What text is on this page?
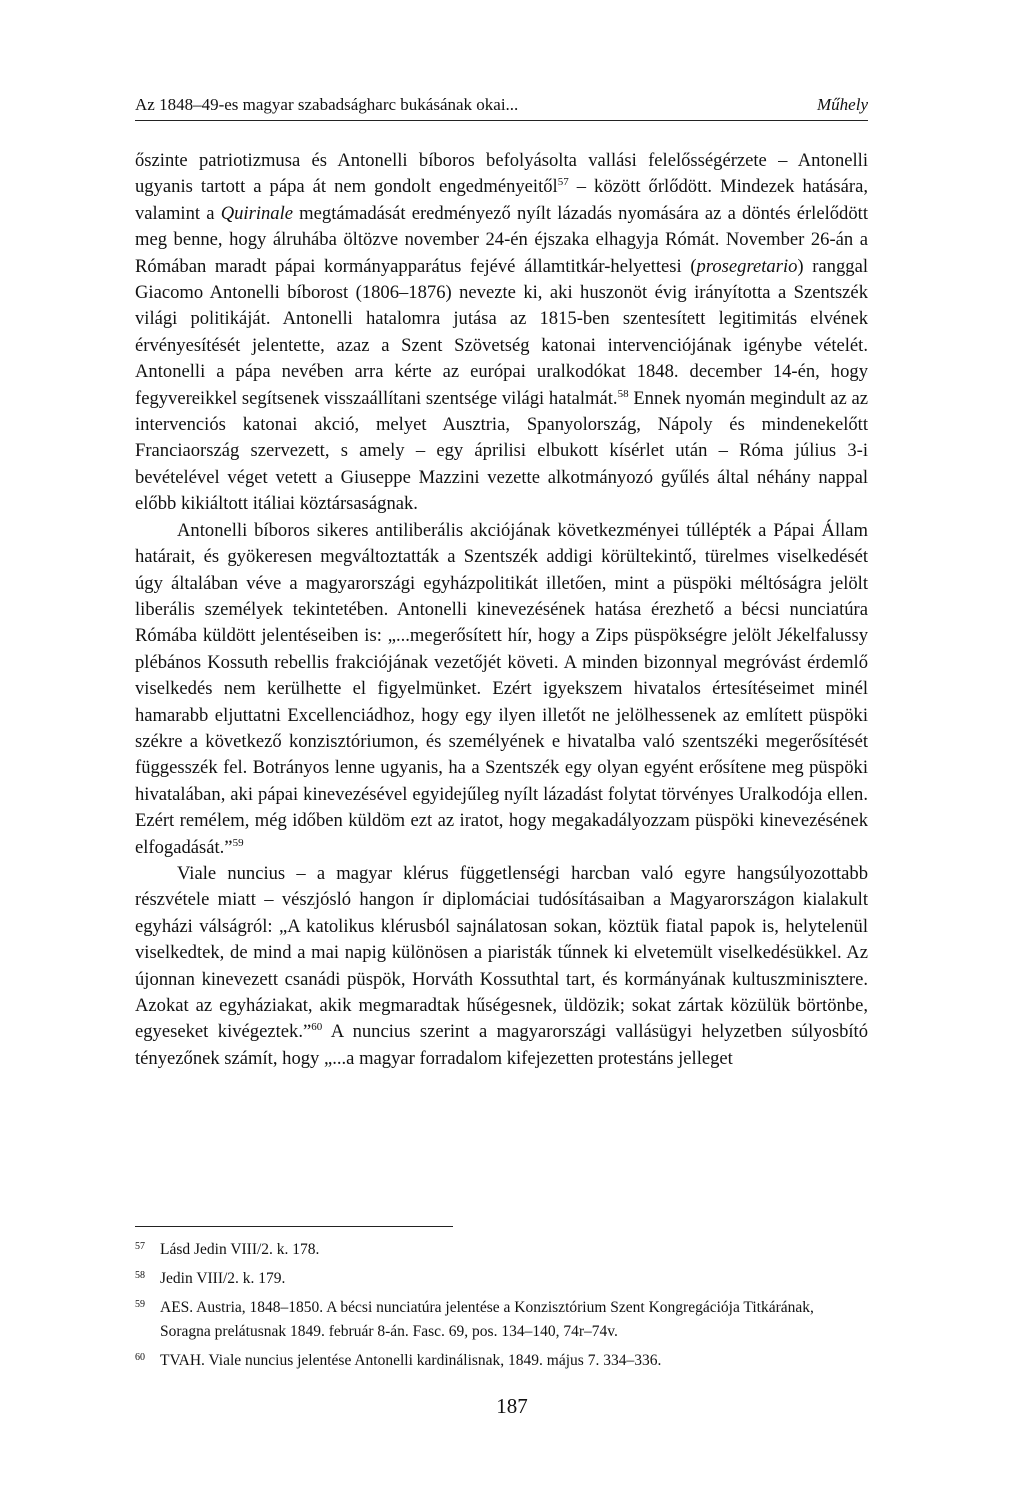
Az 1848–49-es magyar szabadságharc bukásának okai...	Műhely

őszinte patriotizmusa és Antonelli bíboros befolyásolta vallási felelősségérzete – Antonelli ugyanis tartott a pápa át nem gondolt engedményeitől$^{57}$ – között őrlődött. Mindezek hatására, valamint a Quirinale megtámadását eredményező nyílt lázadás nyomására az a döntés érlelődött meg benne, hogy álruhába öltözve november 24-én éjszaka elhagyja Rómát. November 26-án a Rómában maradt pápai kormányapparátus fejévé államtitkár-helyettesi (prosegretario) ranggal Giacomo Antonelli bíborost (1806–1876) nevezte ki, aki huszonöt évig irányította a Szentszék világi politikáját. Antonelli hatalomra jutása az 1815-ben szentesített legitimitás elvének érvényesítését jelentette, azaz a Szent Szövetség katonai intervenciójának igénybe vételét. Antonelli a pápa nevében arra kérte az európai uralkodókat 1848. december 14-én, hogy fegyvereikkel segítsenek visszaállítani szentsége világi hatalmát.$^{58}$ Ennek nyomán megindult az az intervenciós katonai akció, melyet Ausztria, Spanyolország, Nápoly és mindenekelőtt Franciaország szervezett, s amely – egy áprilisi elbukott kísérlet után – Róma július 3-i bevételével véget vetett a Giuseppe Mazzini vezette alkotmányozó gyűlés által néhány nappal előbb kikiáltott itáliai köztársaságnak.

Antonelli bíboros sikeres antiliberális akciójának következményei túllépték a Pápai Állam határait, és gyökeresen megváltoztatták a Szentszék addigi körültekintő, türelmes viselkedését úgy általában véve a magyarországi egyházpolitikát illetően, mint a püspöki méltóságra jelölt liberális személyek tekintetében. Antonelli kinevezésének hatása érezhető a bécsi nunciatúra Rómába küldött jelentéseiben is: „...megerősített hír, hogy a Zips püspökségre jelölt Jékelfalussy plébános Kossuth rebellis frakciójának vezetőjét követi. A minden bizonnyal megróvást érdemlő viselkedés nem kerülhette el figyelmünket. Ezért igyekszem hivatalos értesítéseimet minél hamarabb eljuttatni Excellenciádhoz, hogy egy ilyen illetőt ne jelölhessenek az említett püspöki székre a következő konzisztóriumon, és személyének e hivatalba való szentszéki megerősítését függesszék fel. Botrányos lenne ugyanis, ha a Szentszék egy olyan egyént erősítene meg püspöki hivatalában, aki pápai kinevezésével egyidejűleg nyílt lázadást folytat törvényes Uralkodója ellen. Ezért remélem, még időben küldöm ezt az iratot, hogy megakadályozzam püspöki kinevezésének elfogadását.”$^{59}$

Viale nuncius – a magyar klérus függetlenségi harcban való egyre hangsúlyozottabb részvétele miatt – vészjósló hangon ír diplomáciai tudósításaiban a Magyarországon kialakult egyházi válságról: „A katolikus klérusból sajnálatosan sokan, köztük fiatal papok is, helytelenül viselkedtek, de mind a mai napig különösen a piaristák tűnnek ki elvetemült viselkedésükkel. Az újonnan kinevezett csanádi püspök, Horváth Kossuthtal tart, és kormányának kultuszminisztere. Azokat az egyháziakat, akik megmaradtak hűségesnek, üldözik; sokat zártak közülük börtönbe, egyeseket kivégeztek.”$^{60}$ A nuncius szerint a magyarországi vallásügyi helyzetben súlyosbító tényezőnek számít, hogy „...a magyar forradalom kifejezetten protestáns jelleget

57 Lásd Jedin VIII/2. k. 178.
58 Jedin VIII/2. k. 179.
59 AES. Austria, 1848–1850. A bécsi nunciatúra jelentése a Konzisztórium Szent Kongregációja Titkárának, Soragna prelátusnak 1849. február 8-án. Fasc. 69, pos. 134–140, 74r–74v.
60 TVAH. Viale nuncius jelentése Antonelli kardinálisnak, 1849. május 7. 334–336.
187
